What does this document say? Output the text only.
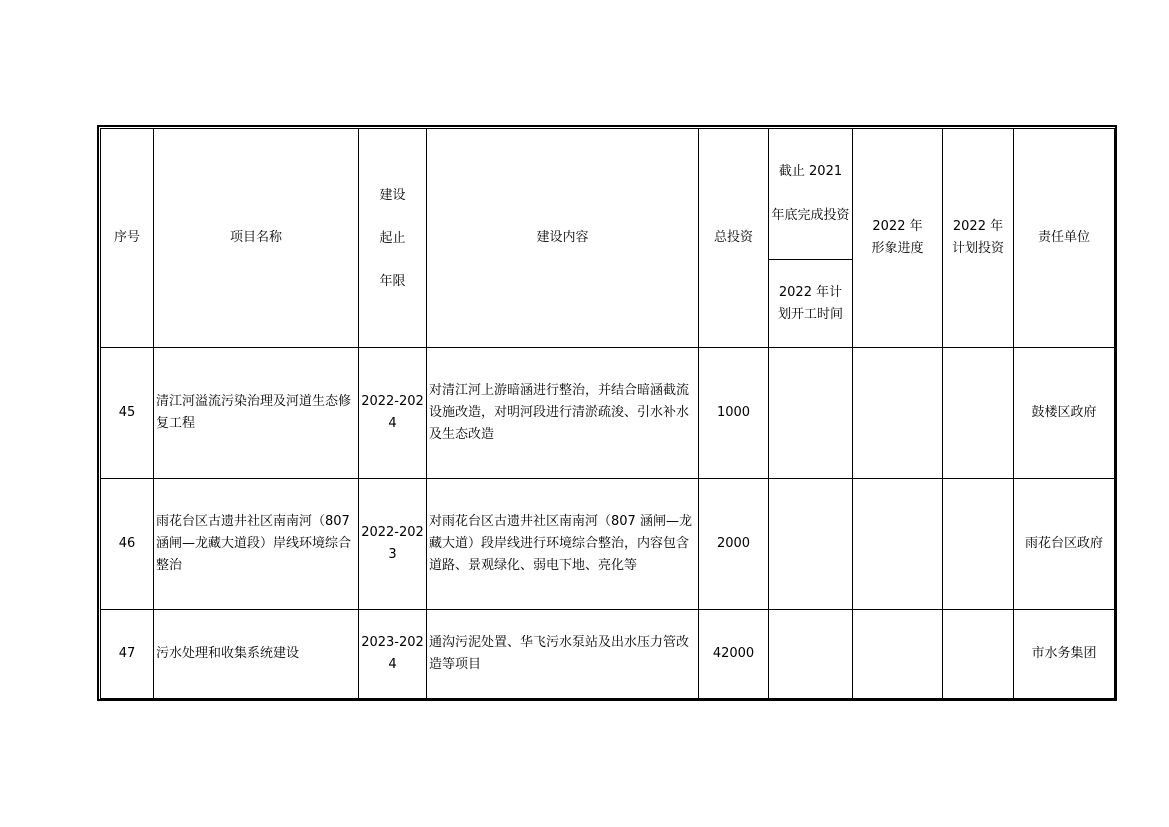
序号	项目名称	建设
起止
年限	建设内容	总投资	截止 2021 年底完成投资	2022 年形象进度	2022 年计划投资	责任单位
					2022 年计划开工时间			
45	清江河溢流污染治理及河道生态修复工程	2022-2024	对清江河上游暗涵进行整治，并结合暗涵截流设施改造，对明河段进行清淤疏浚、引水补水及生态改造	1000				鼓楼区政府
46	雨花台区古遗井社区南南河（807 涵闸—龙藏大道段）岸线环境综合整治	2022-2023	对雨花台区古遗井社区南南河（807 涵闸—龙藏大道）段岸线进行环境综合整治，内容包含道路、景观绿化、弱电下地、亮化等	2000				雨花台区政府
47	污水处理和收集系统建设	2023-2024	通沟污泥处置、华飞污水泵站及出水压力管改造等项目	42000				市水务集团
